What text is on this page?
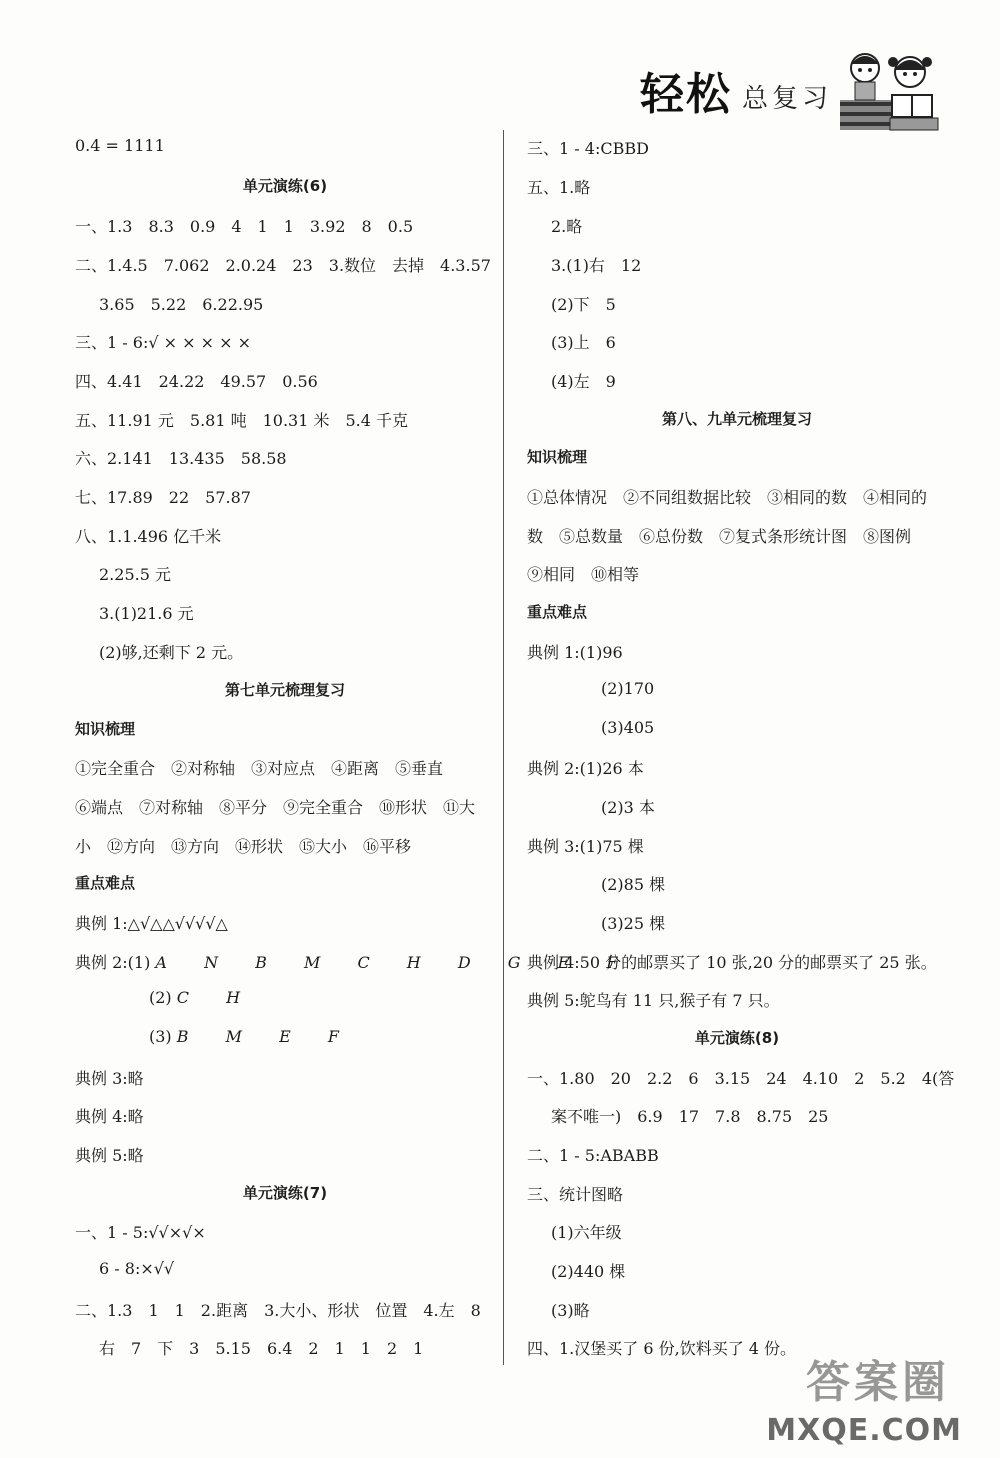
轻松 总复习
0.4 = 1111
单元演练(6)
一、1.3　8.3　0.9　4　1　1　3.92　8　0.5
二、1.4.5　7.062　2.0.24　23　3.数位　去掉　4.3.57
3.65　5.22　6.22.95
三、1 - 6:√ × × × × ×
四、4.41　24.22　49.57　0.56
五、11.91 元　5.81 吨　10.31 米　5.4 千克
六、2.141　13.435　58.58
七、17.89　22　57.87
八、1.1.496 亿千米
2.25.5 元
3.(1)21.6 元
(2)够,还剩下 2 元。
第七单元梳理复习
知识梳理
①完全重合　②对称轴　③对应点　④距离　⑤垂直
⑥端点　⑦对称轴　⑧平分　⑨完全重合　⑩形状　⑪大
小　⑫方向　⑬方向　⑭形状　⑮大小　⑯平移
重点难点
典例 1:△√△△√√√√△
典例 2:(1) A N B M C H D G E F
(2) C H
(3) B M E F
典例 3:略
典例 4:略
典例 5:略
单元演练(7)
一、1 - 5:√√×√×
6 - 8:×√√
二、1.3　1　1　2.距离　3.大小、形状　位置　4.左　8
右　7　下　3　5.15　6.4　2　1　1　2　1
三、1 - 4:CBBD
五、1.略
2.略
3.(1)右　12
(2)下　5
(3)上　6
(4)左　9
第八、九单元梳理复习
知识梳理
①总体情况　②不同组数据比较　③相同的数　④相同的
数　⑤总数量　⑥总份数　⑦复式条形统计图　⑧图例
⑨相同　⑩相等
重点难点
典例 1:(1)96
(2)170
(3)405
典例 2:(1)26 本
(2)3 本
典例 3:(1)75 棵
(2)85 棵
(3)25 棵
典例 4:50 分的邮票买了 10 张,20 分的邮票买了 25 张。
典例 5:鸵鸟有 11 只,猴子有 7 只。
单元演练(8)
一、1.80　20　2.2　6　3.15　24　4.10　2　5.2　4(答
案不唯一)　6.9　17　7.8　8.75　25
二、1 - 5:ABABB
三、统计图略
(1)六年级
(2)440 棵
(3)略
四、1.汉堡买了 6 份,饮料买了 4 份。
答案圈
MXQE.COM
